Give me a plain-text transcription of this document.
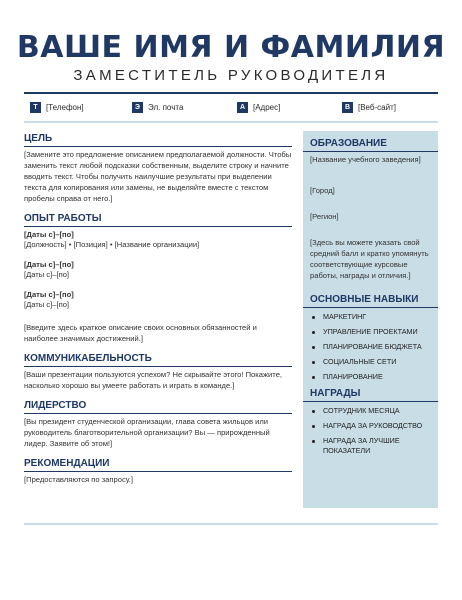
ВАШЕ ИМЯ И ФАМИЛИЯ
ЗАМЕСТИТЕЛЬ РУКОВОДИТЕЛЯ
T	[Телефон]	Э	Эл. почта	A [Адрес]	B [Веб-сайт]
ЦЕЛЬ
[Замените это предложение описанием предполагаемой должности. Чтобы заменить текст любой подсказки собственным, выделите строку и начните вводить текст. Чтобы получить наилучшие результаты при выделении текста для копирования или замены, не выделяйте вместе с текстом пробелы справа от него.]
ОПЫТ РАБОТЫ
[Даты с]–[по]
[Должность] • [Позиция] • [Название организации]
[Даты с]–[по]
[Даты с]–[по]
[Даты с]–[по]
[Даты с]–[по]
[Введите здесь краткое описание своих основных обязанностей и наиболее значимых достижений.]
КОММУНИКАБЕЛЬНОСТЬ
[Ваши презентации пользуются успехом? Не скрывайте этого! Покажите, насколько хорошо вы умеете работать и играть в команде.]
ЛИДЕРСТВО
[Вы президент студенческой организации, глава совета жильцов или руководитель благотворительной организации? Вы — прирожденный лидер. Заявите об этом!]
РЕКОМЕНДАЦИИ
[Предоставляются по запросу.]
ОБРАЗОВАНИЕ
[Название учебного заведения]
[Город]
[Регион]
[Здесь вы можете указать свой средний балл и кратко упомянуть соответствующие курсовые работы, награды и отличия.]
ОСНОВНЫЕ НАВЫКИ
МАРКЕТИНГ
УПРАВЛЕНИЕ ПРОЕКТАМИ
ПЛАНИРОВАНИЕ БЮДЖЕТА
СОЦИАЛЬНЫЕ СЕТИ
ПЛАНИРОВАНИЕ
НАГРАДЫ
СОТРУДНИК МЕСЯЦА
НАГРАДА ЗА РУКОВОДСТВО
НАГРАДА ЗА ЛУЧШИЕ ПОКАЗАТЕЛИ
